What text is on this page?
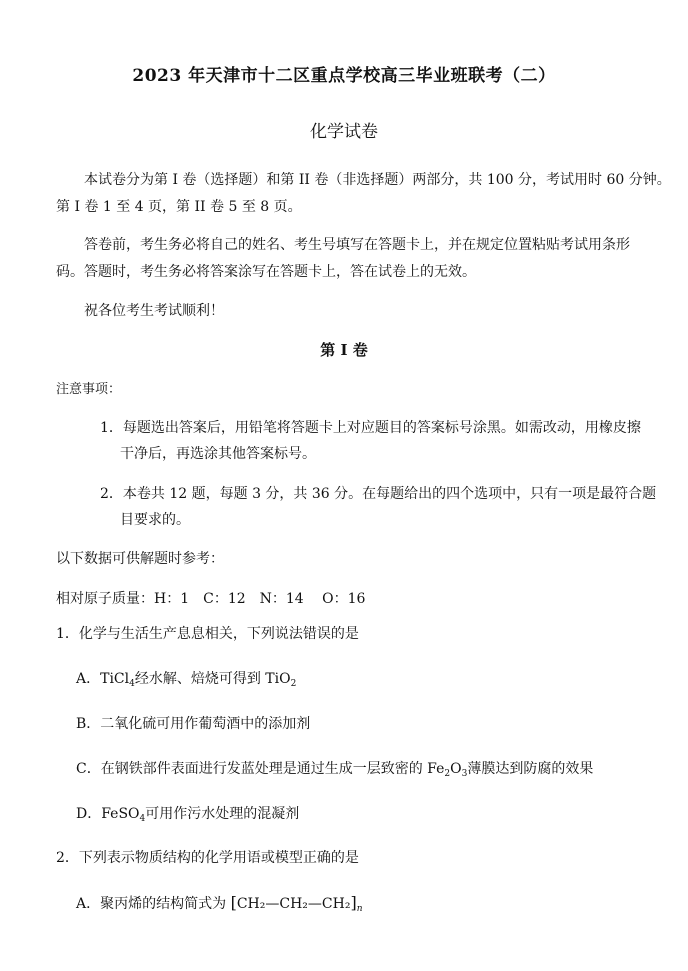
2023 年天津市十二区重点学校高三毕业班联考（二）
化学试卷
本试卷分为第 I 卷（选择题）和第 II 卷（非选择题）两部分，共 100 分，考试用时 60 分钟。
第 I 卷 1 至 4 页，第 II 卷 5 至 8 页。
答卷前，考生务必将自己的姓名、考生号填写在答题卡上，并在规定位置粘贴考试用条形
码。答题时，考生务必将答案涂写在答题卡上，答在试卷上的无效。
祝各位考生考试顺利！
第 I 卷
注意事项：
1．每题选出答案后，用铅笔将答题卡上对应题目的答案标号涂黑。如需改动，用橡皮擦
干净后，再选涂其他答案标号。
2．本卷共 12 题，每题 3 分，共 36 分。在每题给出的四个选项中，只有一项是最符合题
目要求的。
以下数据可供解题时参考：
相对原子质量：H：1　C：12　N：14　 O：16
1．化学与生活生产息息相关，下列说法错误的是
A．TiCl$_4$经水解、焙烧可得到 TiO$_2$
B．二氧化硫可用作葡萄酒中的添加剂
C．在钢铁部件表面进行发蓝处理是通过生成一层致密的 $Fe_2O_3$薄膜达到防腐的效果
D．FeSO$_4$可用作污水处理的混凝剂
2．下列表示物质结构的化学用语或模型正确的是
A．聚丙烯的结构简式为 $[CH_2—CH_2—CH_2]_n$
